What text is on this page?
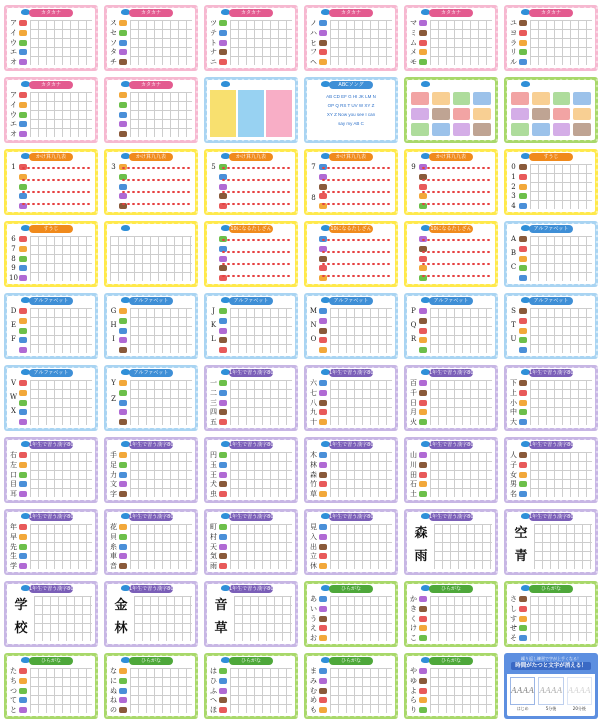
カタカナ
ア
イ
ウ
エ
オ
カタカナ
ス
セ
ソ
タ
チ
カタカナ
ツ
テ
ト
ナ
ニ
カタカナ
ノ
ハ
ヒ
フ
ヘ
カタカナ
マ
ミ
ム
メ
モ
カタカナ
ユ
ヨ
ラ
リ
ル
カタカナ
ア
イ
ウ
エ
オ
カタカナ	ABCソング
AB CD EF G HI JK LM N
OP Q RS T UV W XY Z
XY Z Now you see I can
say my AB C
かけ算九九表
1
かけ算九九表
3
かけ算九九表
5
かけ算九九表
7
8
かけ算九九表
9
すうじ
0
1
2
3
4
すうじ
6
7
8
9
10
10になるたしざん	10になるたしざん	10になるたしざん	アルファベット
A
B
C
アルファベット
D
E
F
アルファベット
G
H
I
アルファベット
J
K
L
アルファベット
M
N
O
アルファベット
P
Q
R
アルファベット
S
T
U
アルファベット
V
W
X
アルファベット
Y
Z
1年生で習う漢字80文字
一
二
三
四
五
1年生で習う漢字80文字
六
七
八
九
十
1年生で習う漢字80文字
百
千
日
月
火
1年生で習う漢字80文字
下
上
小
中
大
1年生で習う漢字80文字
右
左
口
目
耳
1年生で習う漢字80文字
手
足
力
文
字
1年生で習う漢字80文字
円
玉
王
犬
虫
1年生で習う漢字80文字
木
林
森
竹
草
1年生で習う漢字80文字
山
川
田
石
土
1年生で習う漢字80文字
人
子
女
男
名
1年生で習う漢字80文字
年
早
先
生
学
1年生で習う漢字80文字
花
貝
糸
車
音
1年生で習う漢字80文字
町
村
天
気
雨
1年生で習う漢字80文字
見
入
出
立
休
1年生で習う漢字80文字
森
雨
1年生で習う漢字80文字
空
青
1年生で習う漢字80文字
学
校
1年生で習う漢字80文字
金
林
1年生で習う漢字80文字
音
草
ひらがな
あ
い
う
え
お
ひらがな
か
き
く
け
こ
ひらがな
さ
し
す
せ
そ
ひらがな
た
ち
つ
て
と
ひらがな
な
に
ぬ
ね
の
ひらがな
は
ひ
ふ
へ
ほ
ひらがな
ま
み
む
め
も
ひらがな
や
ゆ
よ
ら
り
繰り返し練習で字が上手くなる！
時間がたつと文字が消える！
AAAA AAAA AAAA
はじめ	5分後	20分後
